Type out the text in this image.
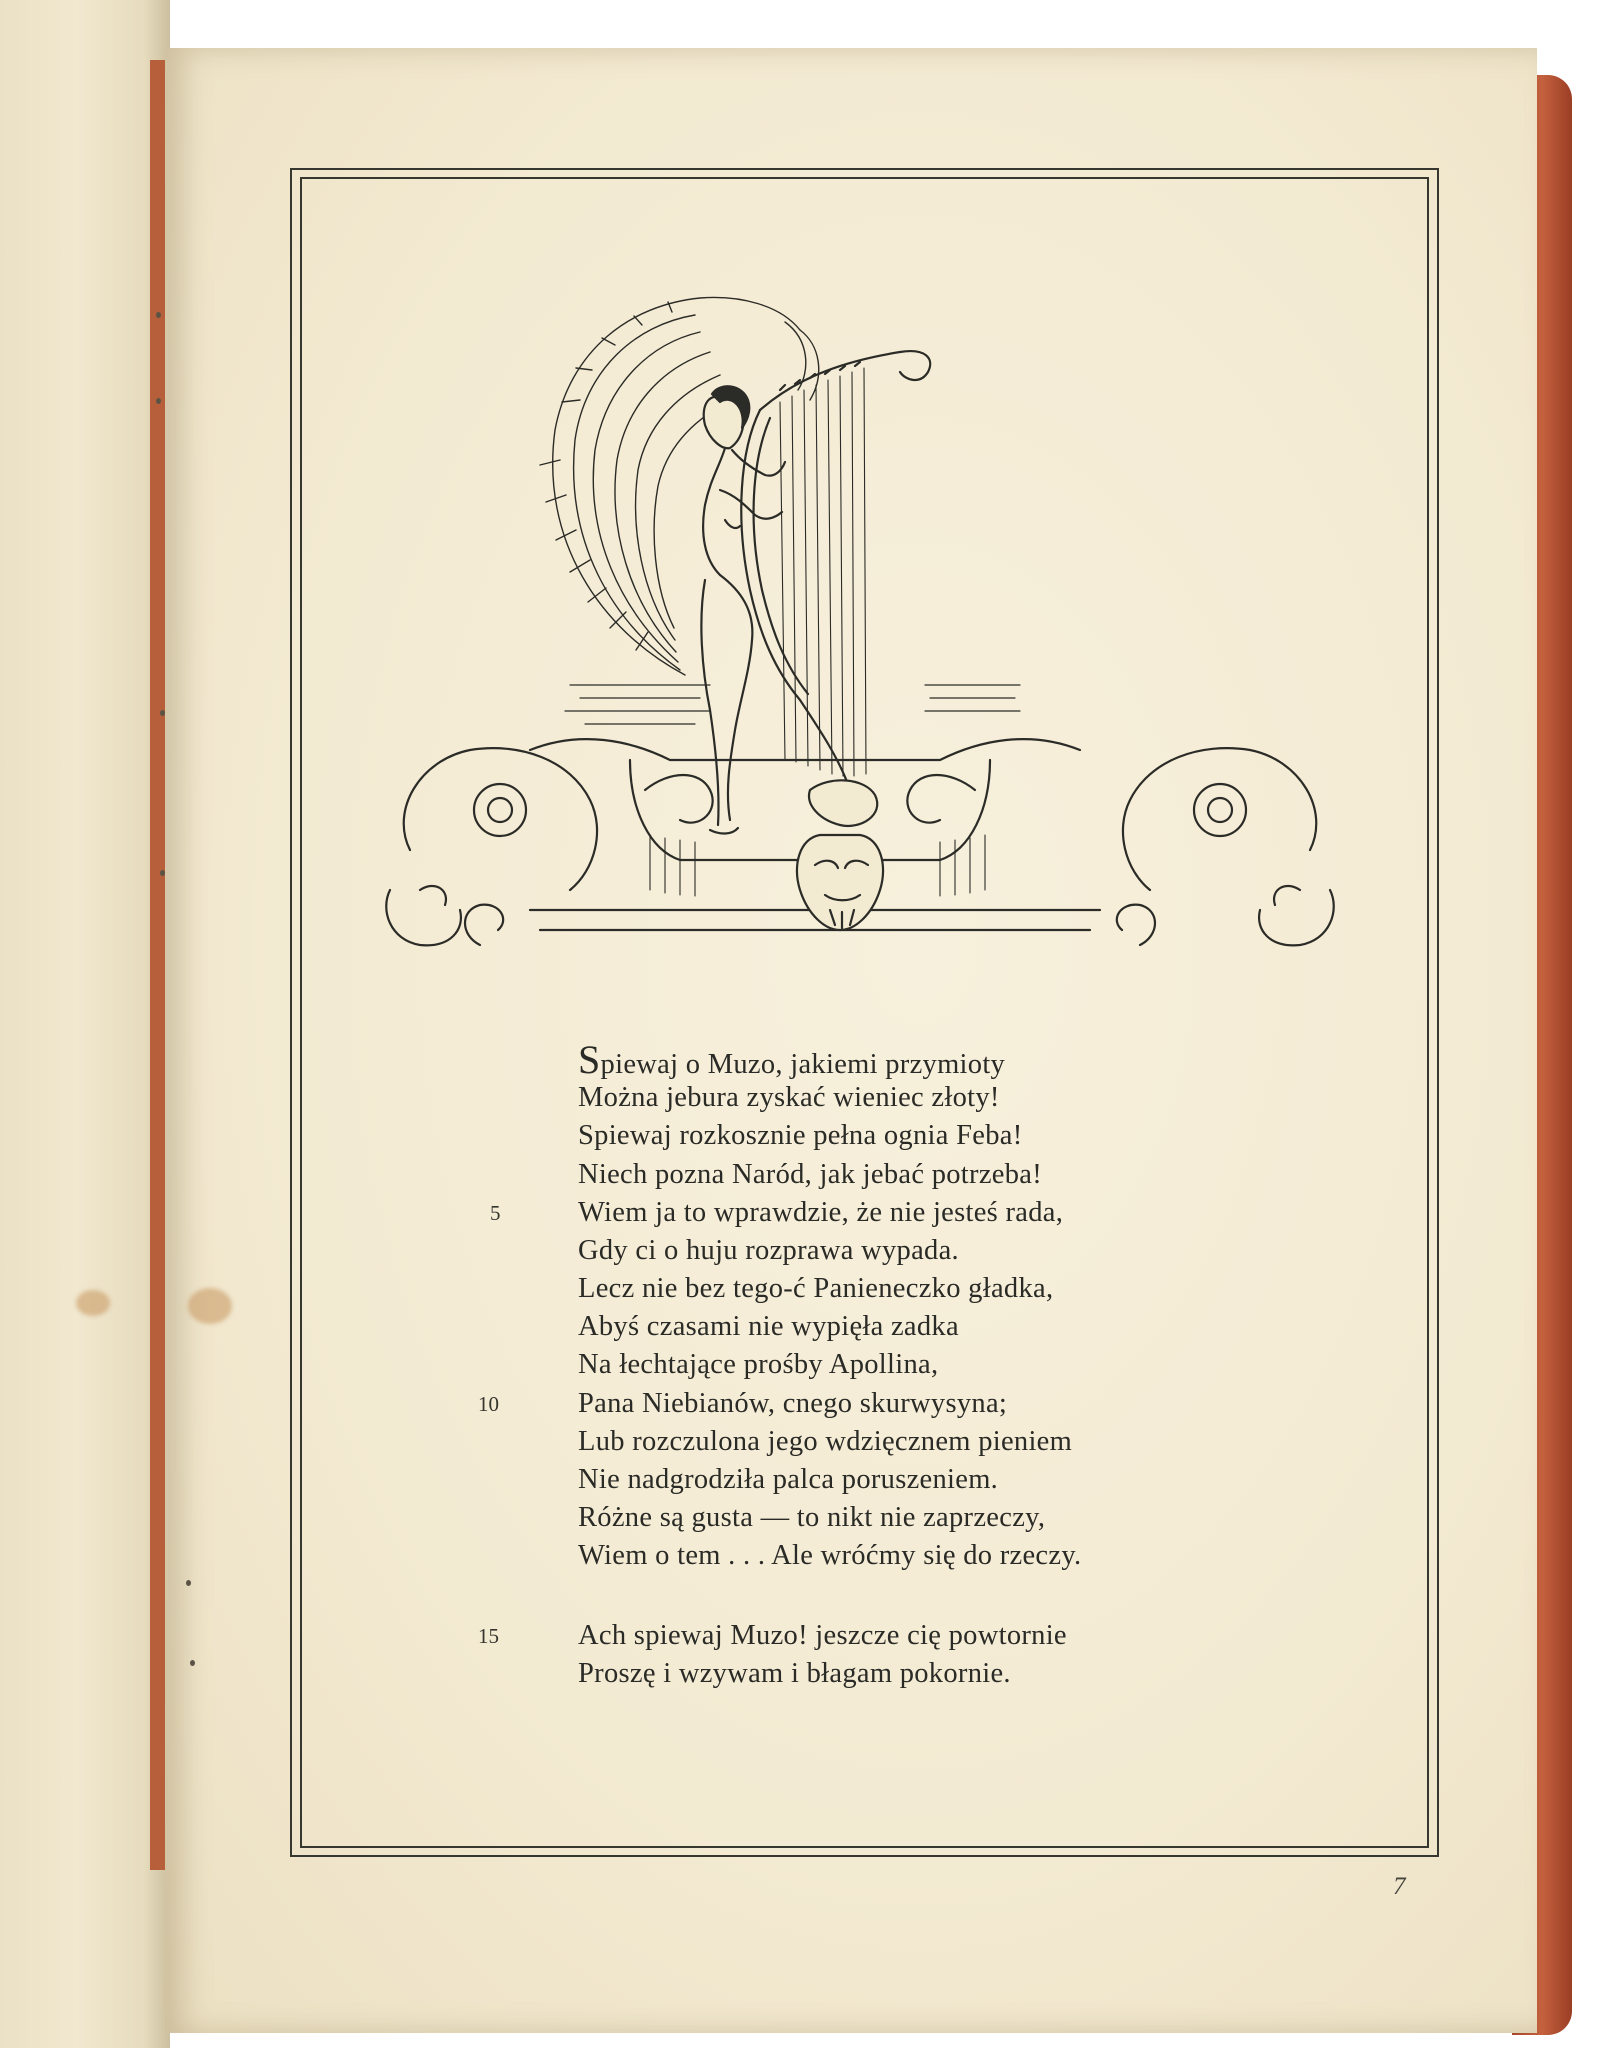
Spiewaj o Muzo, jakiemi przymioty
Można jebura zyskać wieniec złoty!
Spiewaj rozkosznie pełna ognia Feba!
Niech pozna Naród, jak jebać potrzeba!
Wiem ja to wprawdzie, że nie jesteś rada,
Gdy ci o huju rozprawa wypada.
Lecz nie bez tego-ć Panieneczko gładka,
Abyś czasami nie wypięła zadka
Na łechtające prośby Apollina,
Pana Niebianów, cnego skurwysyna;
Lub rozczulona jego wdzięcznem pieniem
Nie nadgrodziła palca poruszeniem.
Różne są gusta — to nikt nie zaprzeczy,
Wiem o tem . . . Ale wróćmy się do rzeczy.
Ach spiewaj Muzo! jeszcze cię powtornie
Proszę i wzywam i błagam pokornie.
5
10
15
7
